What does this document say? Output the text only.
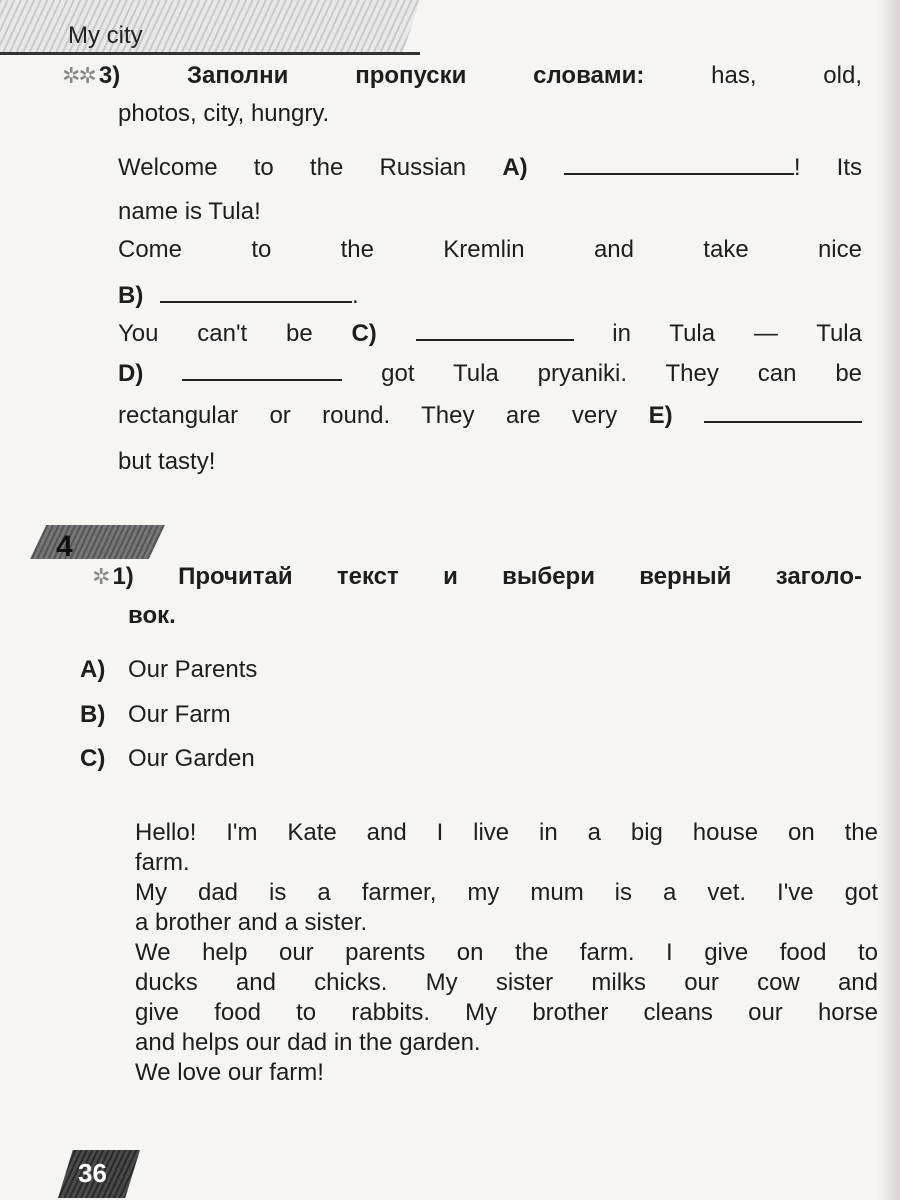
My city
✲✲ 3) Заполни пропуски словами:	has, old,
photos, city, hungry.
Welcome to the Russian A)	! Its
name is Tula!
Come to the Kremlin and take nice
B)	.
You can't be C)	in Tula — Tula
D)	got Tula pryaniki. They can be
rectangular or round. They are very E)
but tasty!
4
✲ 1) Прочитай текст и выбери верный заголо-
вок.
A) Our Parents
B) Our Farm
C) Our Garden
Hello! I'm Kate and I live in a big house on the
farm.
My dad is a farmer, my mum is a vet. I've got
a brother and a sister.
We help our parents on the farm. I give food to
ducks and chicks. My sister milks our cow and
give food to rabbits. My brother cleans our horse
and helps our dad in the garden.
We love our farm!
36
